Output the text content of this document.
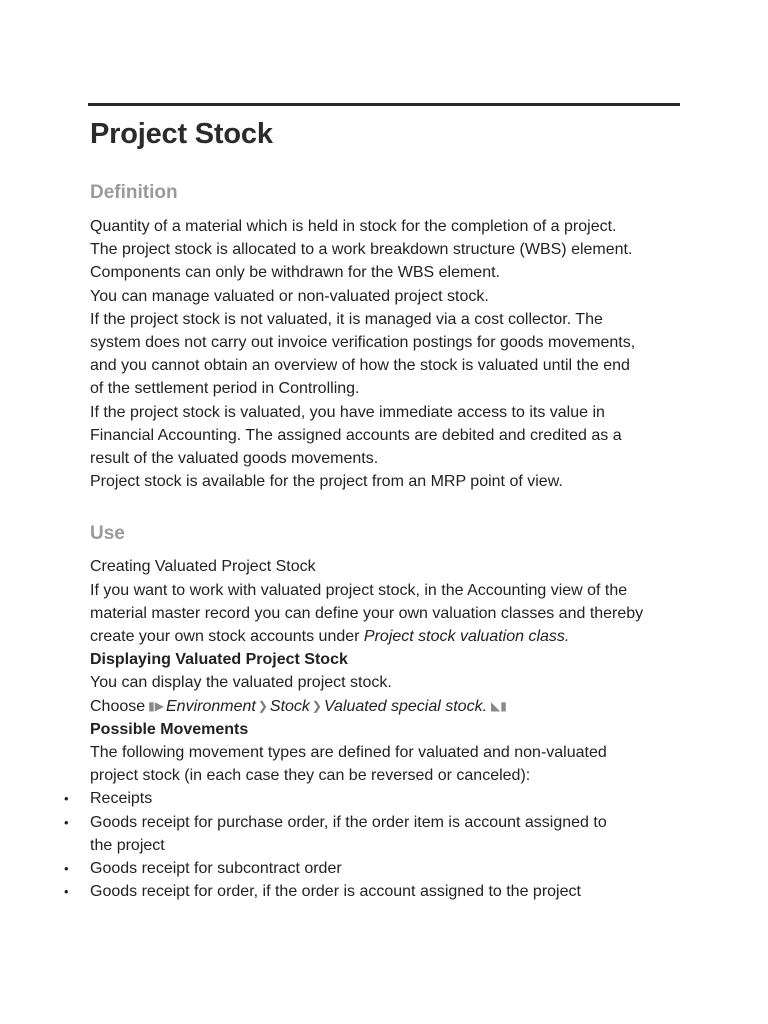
Project Stock
Definition

Quantity of a material which is held in stock for the completion of a project.

The project stock is allocated to a work breakdown structure (WBS) element.

Components can only be withdrawn for the WBS element.

You can manage valuated or non-valuated project stock.

If the project stock is not valuated, it is managed via a cost collector. The

system does not carry out invoice verification postings for goods movements,

and you cannot obtain an overview of how the stock is valuated until the end

of the settlement period in Controlling.

If the project stock is valuated, you have immediate access to its value in

Financial Accounting. The assigned accounts are debited and credited as a

result of the valuated goods movements.

Project stock is available for the project from an MRP point of view.

Use

Creating Valuated Project Stock

If you want to work with valuated project stock, in the Accounting view of the

material master record you can define your own valuation classes and thereby

create your own stock accounts under Project stock valuation class.

Displaying Valuated Project Stock

You can display the valuated project stock.

Choose ▮▶ Environment ❯ Stock ❯ Valuated special stock. ◣▮

Possible Movements

The following movement types are defined for valuated and non-valuated

project stock (in each case they can be reversed or canceled):

• Receipts
• Goods receipt for purchase order, if the order item is account assigned to
the project
• Goods receipt for subcontract order
• Goods receipt for order, if the order is account assigned to the project
